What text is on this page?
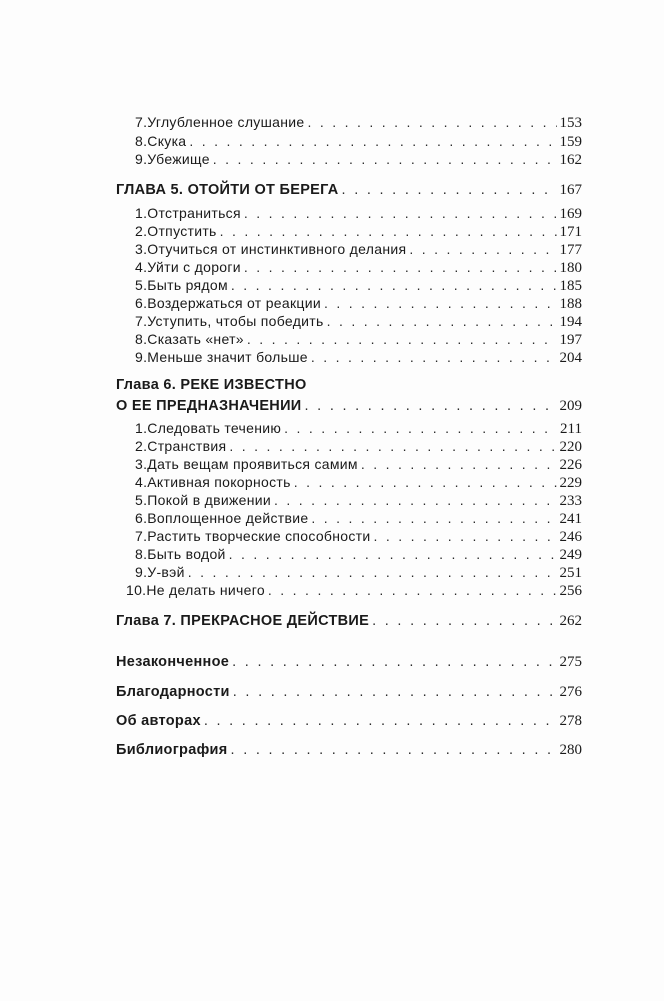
7. Углубленное слушание . . .	153
8. Скука . . .	159
9. Убежище . . .	162
ГЛАВА 5. ОТОЙТИ ОТ БЕРЕГА . . .	167
1. Отстраниться . . .	169
2. Отпустить . . .	171
3. Отучиться от инстинктивного делания . . .	177
4. Уйти с дороги . . .	180
5. Быть рядом . . .	185
6. Воздержаться от реакции . . .	188
7. Уступить, чтобы победить . . .	194
8. Сказать «нет» . . .	197
9. Меньше значит больше . . .	204
Глава 6. РЕКЕ ИЗВЕСТНО
О ЕЕ ПРЕДНАЗНАЧЕНИИ . . .	209
1. Следовать течению . . .	211
2. Странствия . . .	220
3. Дать вещам проявиться самим . . .	226
4. Активная покорность . . .	229
5. Покой в движении . . .	233
6. Воплощенное действие . . .	241
7. Растить творческие способности . . .	246
8. Быть водой . . .	249
9. У-вэй . . .	251
10. Не делать ничего . . .	256
Глава 7. ПРЕКРАСНОЕ ДЕЙСТВИЕ . . .	262
Незаконченное . . .	275
Благодарности . . .	276
Об авторах . . .	278
Библиография . . .	280
